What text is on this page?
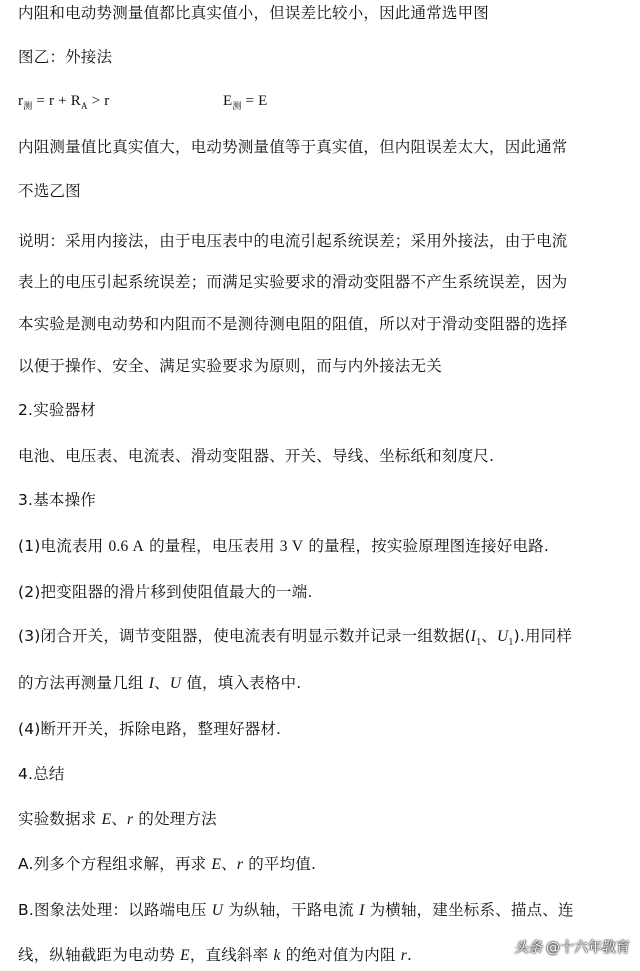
内阻和电动势测量值都比真实值小，但误差比较小，因此通常选甲图
图乙：外接法
$r_测 = r + R_A > r$	$E_测 = E$
内阻测量值比真实值大，电动势测量值等于真实值，但内阻误差太大，因此通常
不选乙图
说明：采用内接法，由于电压表中的电流引起系统误差；采用外接法，由于电流
表上的电压引起系统误差；而满足实验要求的滑动变阻器不产生系统误差，因为
本实验是测电动势和内阻而不是测待测电阻的阻值，所以对于滑动变阻器的选择
以便于操作、安全、满足实验要求为原则，而与内外接法无关
2.实验器材
电池、电压表、电流表、滑动变阻器、开关、导线、坐标纸和刻度尺.
3.基本操作
(1)电流表用 0.6 A 的量程，电压表用 3 V 的量程，按实验原理图连接好电路.
(2)把变阻器的滑片移到使阻值最大的一端.
(3)闭合开关，调节变阻器，使电流表有明显示数并记录一组数据($I_1$、$U_1$).用同样
的方法再测量几组 I、U 值，填入表格中.
(4)断开开关，拆除电路，整理好器材.
4.总结
实验数据求 E、r 的处理方法
A.列多个方程组求解，再求 E、r 的平均值.
B.图象法处理：以路端电压 U 为纵轴，干路电流 I 为横轴，建坐标系、描点、连
线，纵轴截距为电动势 E，直线斜率 k 的绝对值为内阻 r.	头条 @十六年教育
